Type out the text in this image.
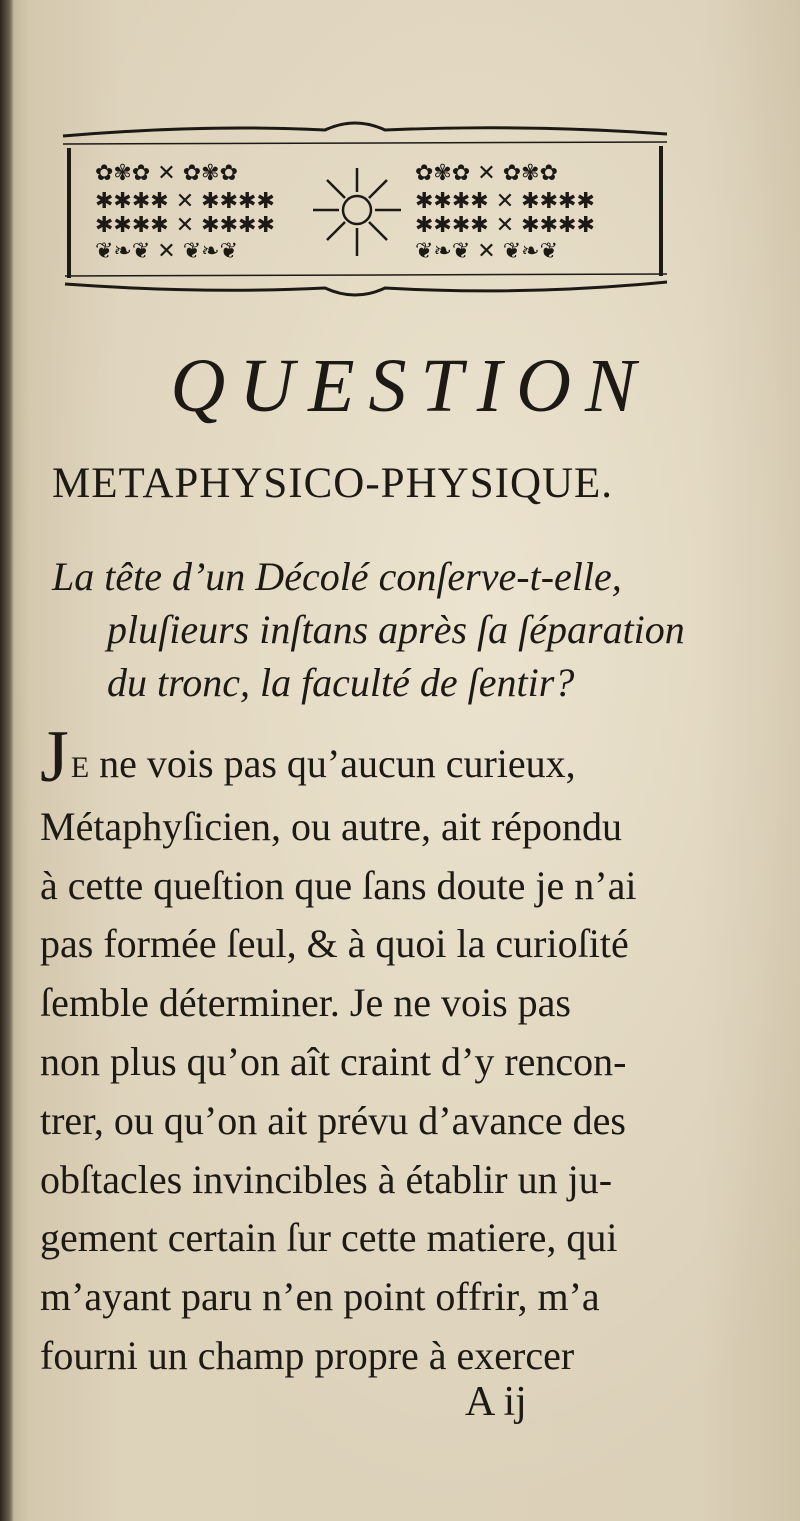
✿✾✿ ✕ ✿✾✿
✱✱✱✱ ✕ ✱✱✱✱
✱✱✱✱ ✕ ✱✱✱✱
❦❧❦ ✕ ❦❧❦
✿✾✿ ✕ ✿✾✿
✱✱✱✱ ✕ ✱✱✱✱
✱✱✱✱ ✕ ✱✱✱✱
❦❧❦ ✕ ❦❧❦
QUESTION
METAPHYSICO-PHYSIQUE.
La tête d’un Décolé conſerve-t-elle,
pluſieurs inſtans après ſa ſéparation
du tronc, la faculté de ſentir?
JE ne vois pas qu’aucun curieux,
Métaphyſicien, ou autre, ait répondu
à cette queſtion que ſans doute je n’ai
pas formée ſeul, & à quoi la curioſité
ſemble déterminer. Je ne vois pas
non plus qu’on aît craint d’y rencon-
trer, ou qu’on ait prévu d’avance des
obſtacles invincibles à établir un ju-
gement certain ſur cette matiere, qui
m’ayant paru n’en point offrir, m’a
fourni un champ propre à exercer
A ij
